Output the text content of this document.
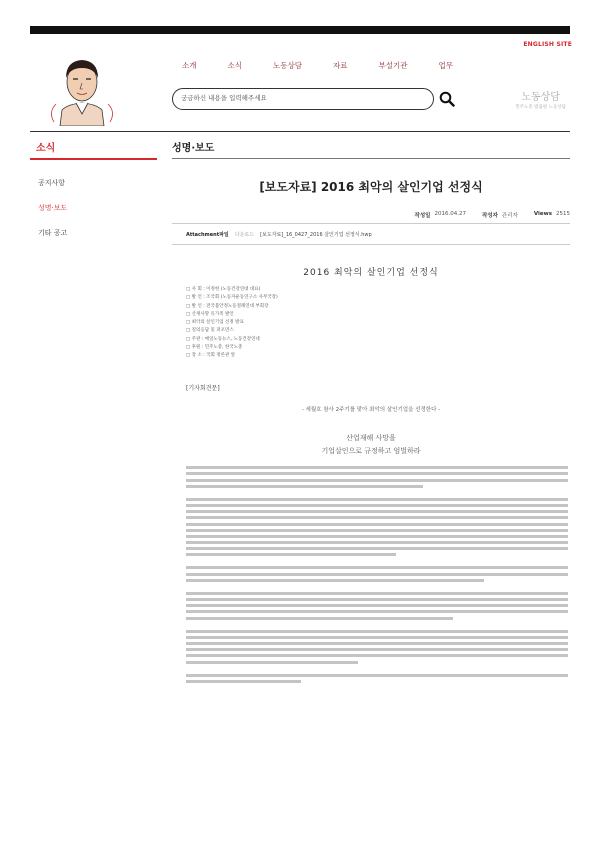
ENGLISH SITE
소개	소식	노동상담	자료	부설기관	업무
궁금하신 내용을 입력해주세요	노동상담
민주노총 법률원 노동상담
소식
공지사항
성명·보도
기타 공고
성명·보도
[보도자료] 2016 최악의 살인기업 선정식
작성일 2016.04.27	작성자 관리자	Views 2515
Attachment파일 다운로드 [보도자료]_16_0427_2016 살인기업 선정식.hwp
2016 최악의 살인기업 선정식
□ 사 회 : 이정현 (노동건강연대 대표)
□ 발 언 : 조국회 (노동자운동연구소 사무국장)
□ 발 언 : 전국불안정노동철폐연대 부회장
□ 산재사망 유가족 발언
□ 최악의 살인기업 선정 발표
□ 질의응답 및 퍼포먼스
□ 주관 : 매일노동뉴스, 노동건강연대
□ 후원 : 민주노총, 한국노총
□ 장 소 : 국회 정론관 앞
[기자회견문]
- 세월호 참사 2주기를 맞아 최악의 살인기업을 선정한다 -
산업재해 사망을
기업살인으로 규정하고 엄벌하라
